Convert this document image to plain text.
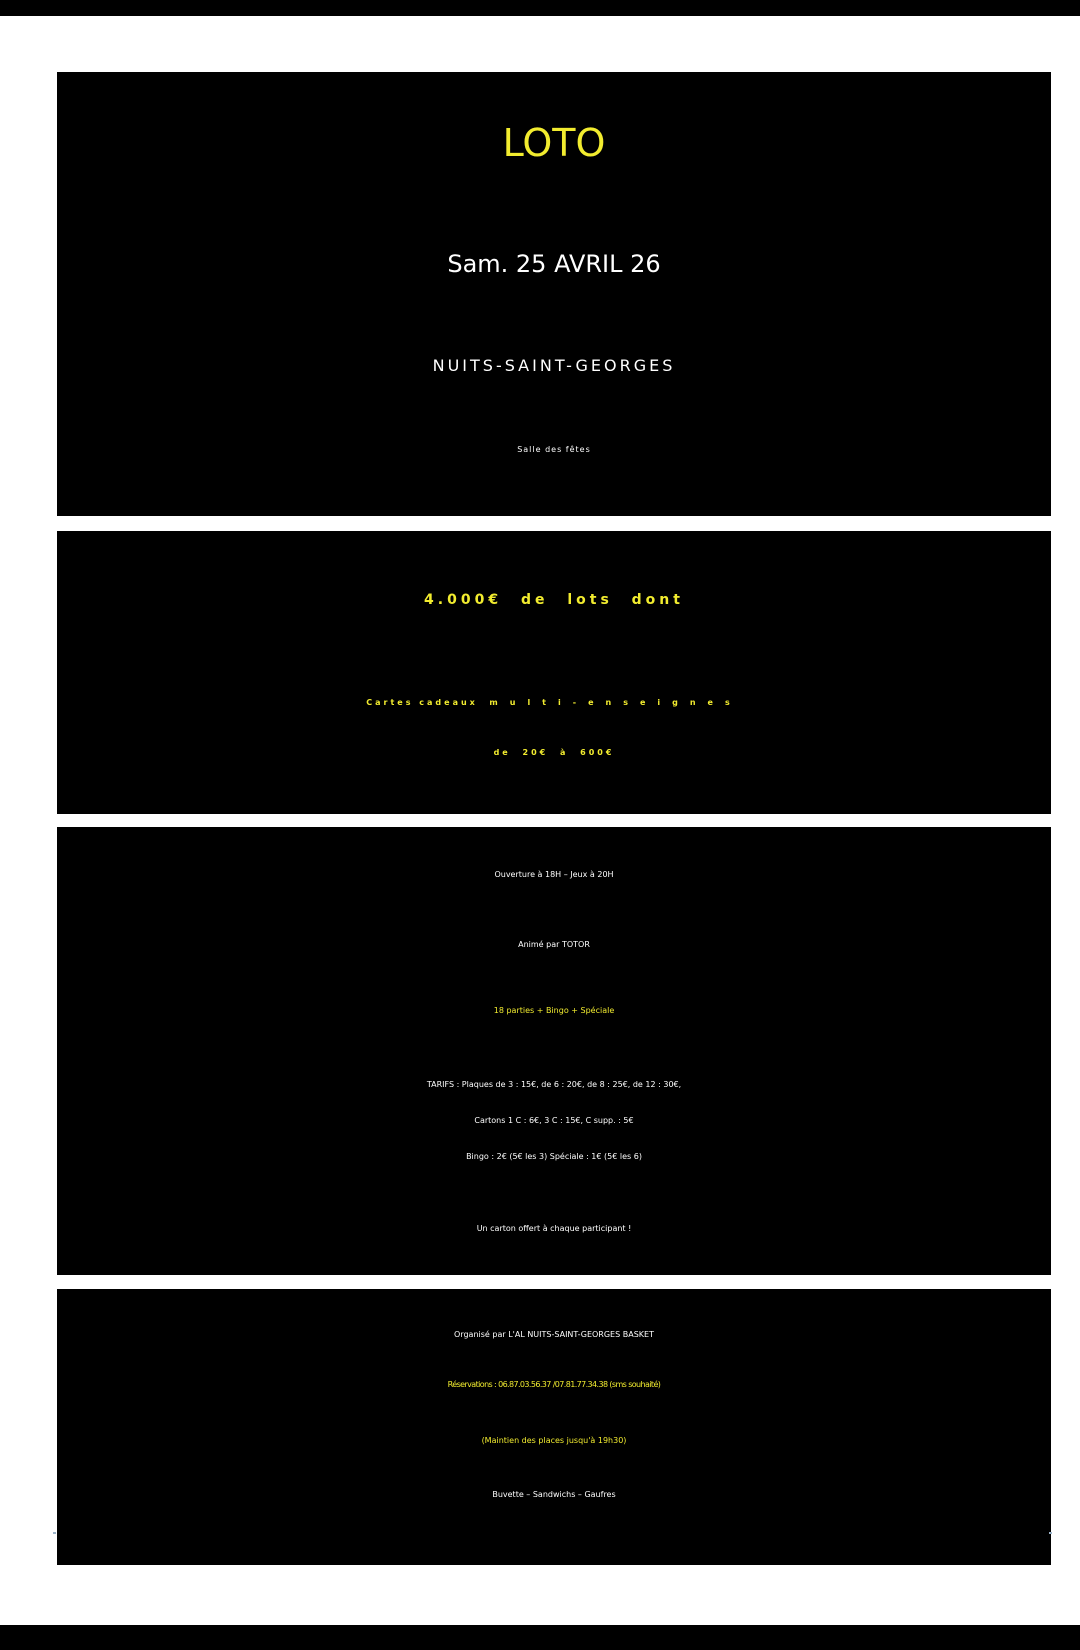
LOTO
Sam. 25 AVRIL 26
NUITS-SAINT-GEORGES
Salle des fêtes
4.000€ de lots dont
Cartes cadeaux multi-enseignes
de 20€ à 600€
Ouverture à 18H – Jeux à 20H
Animé par TOTOR
18 parties + Bingo + Spéciale
TARIFS : Plaques de 3 : 15€, de 6 : 20€, de 8 : 25€, de 12 : 30€,
Cartons 1 C : 6€, 3 C : 15€, C supp. : 5€
Bingo : 2€ (5€ les 3) Spéciale : 1€ (5€ les 6)
Un carton offert à chaque participant !
Organisé par L'AL NUITS-SAINT-GEORGES BASKET
Réservations : 06.87.03.56.37 /07.81.77.34.38 (sms souhaité)
(Maintien des places jusqu'à 19h30)
Buvette – Sandwichs – Gaufres
